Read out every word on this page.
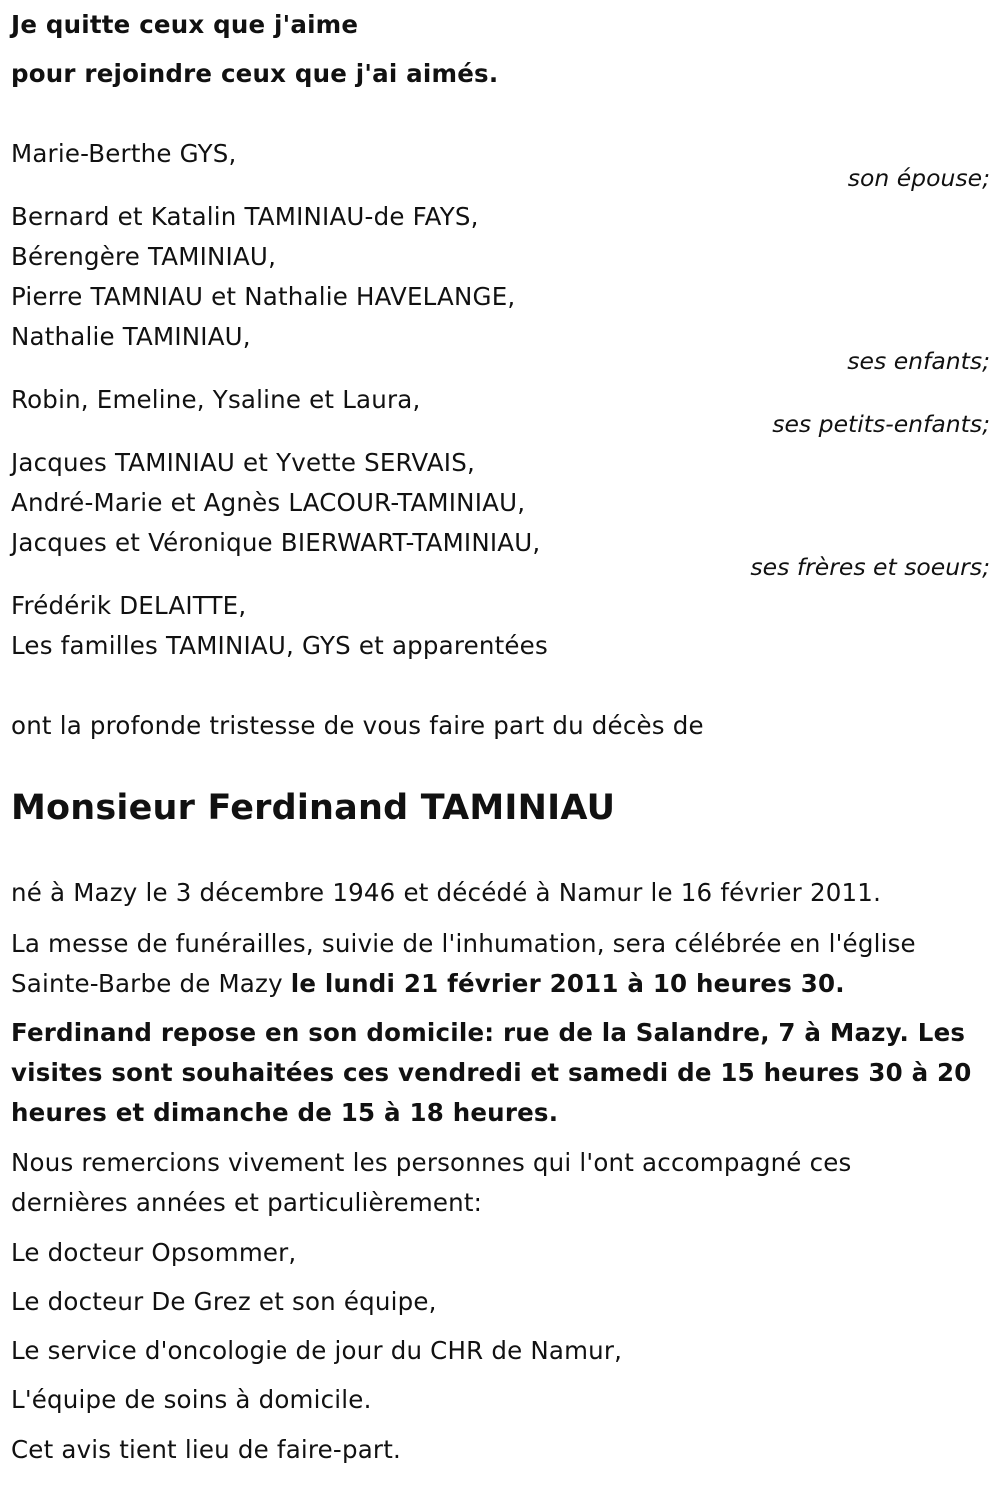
Je quitte ceux que j'aime
pour rejoindre ceux que j'ai aimés.
Marie-Berthe GYS,
son épouse;
Bernard et Katalin TAMINIAU-de FAYS,
Bérengère TAMINIAU,
Pierre TAMNIAU et Nathalie HAVELANGE,
Nathalie TAMINIAU,
ses enfants;
Robin, Emeline, Ysaline et Laura,
ses petits-enfants;
Jacques TAMINIAU et Yvette SERVAIS,
André-Marie et Agnès LACOUR-TAMINIAU,
Jacques et Véronique BIERWART-TAMINIAU,
ses frères et soeurs;
Frédérik DELAITTE,
Les familles TAMINIAU, GYS et apparentées
ont la profonde tristesse de vous faire part du décès de
Monsieur Ferdinand TAMINIAU
né à Mazy le 3 décembre 1946 et décédé à Namur le 16 février 2011.
La messe de funérailles, suivie de l'inhumation, sera célébrée en l'église
Sainte-Barbe de Mazy le lundi 21 février 2011 à 10 heures 30.
Ferdinand repose en son domicile: rue de la Salandre, 7 à Mazy. Les
visites sont souhaitées ces vendredi et samedi de 15 heures 30 à 20
heures et dimanche de 15 à 18 heures.
Nous remercions vivement les personnes qui l'ont accompagné ces
dernières années et particulièrement:
Le docteur Opsommer,
Le docteur De Grez et son équipe,
Le service d'oncologie de jour du CHR de Namur,
L'équipe de soins à domicile.
Cet avis tient lieu de faire-part.
